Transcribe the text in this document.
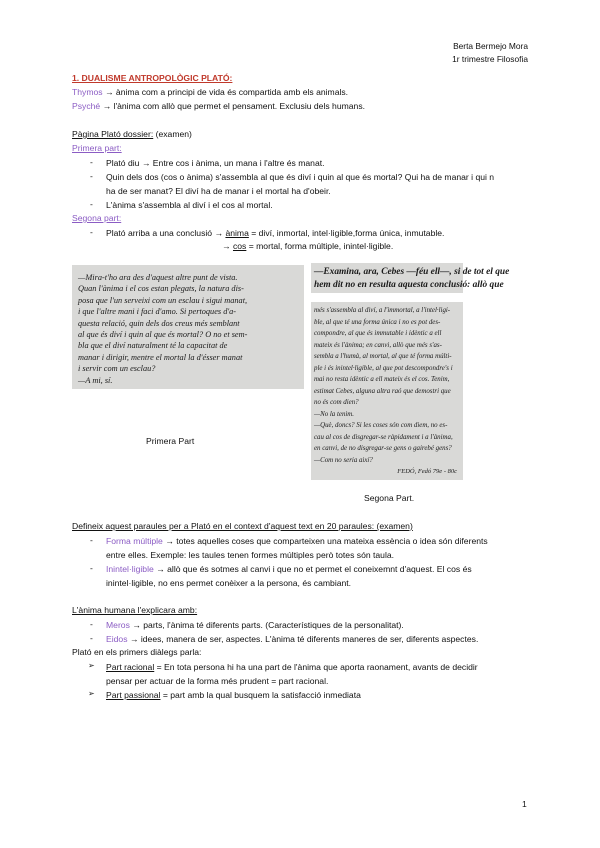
Berta Bermejo Mora
1r trimestre Filosofia
1. DUALISME ANTROPOLÒGIC PLATÓ:
Thymos → ànima com a principi de vida és compartida amb els animals.
Psyché → l'ànima com allò que permet el pensament. Exclusiu dels humans.
Pàgina Plató dossier: (examen)
Primera part:
- Plató diu → Entre cos i ànima, un mana i l'altre és manat.
- Quin dels dos (cos o ànima) s'assembla al que és diví i quin al que és mortal? Qui ha de manar i qui n
ha de ser manat? El diví ha de manar i el mortal ha d'obeir.
- L'ànima s'assembla al diví i el cos al mortal.
Segona part:
- Plató arriba a una conclusió → ànima = diví, inmortal, intel·ligible,forma única, inmutable.
→ cos = mortal, forma múltiple, inintel·ligible.

—Mira-t'ho ara des d'aquest altre punt de vista.

Quan l'ànima i el cos estan plegats, la natura dis-

posa que l'un serveixi com un esclau i sigui manat,

i que l'altre mani i faci d'amo. Si pertoques d'a-

questa relació, quin dels dos creus més semblant

al que és diví i quin al que és mortal? O no et sem-

bla que el diví naturalment té la capacitat de

manar i dirigir, mentre el mortal la d'ésser manat

i servir com un esclau?

—A mi, sí.

Primera Part

—Examina, ara, Cebes —féu ell—, si de tot el que

hem dit no en resulta aquesta conclusió: allò que

més s'assembla al diví, a l'immortal, a l'intel·ligi-

ble, al que té una forma única i no es pot des-

compondre, al que és immutable i idèntic a ell

mateix és l'ànima; en canvi, allò que més s'as-

sembla a l'humà, al mortal, al que té forma múlti-

ple i és inintel·ligible, al que pot descompondre's i

mai no resta idèntic a ell mateix és el cos. Tenim,

estimat Cebes, alguna altra raó que demostri que

no és com dien?

—No la tenim.

—Què, doncs? Si les coses són com diem, no es-

cau al cos de disgregar-se ràpidament i a l'ànima,

en canvi, de no disgregar-se gens o gairebé gens?

—Com no seria així?

FEDÓ, Fedó 79e - 80c
Segona Part.
Defineix aquest paraules per a Plató en el context d'aquest text en 20 paraules: (examen)
- Forma múltiple → totes aquelles coses que comparteixen una mateixa essència o idea són diferents
entre elles. Exemple: les taules tenen formes múltiples però totes són taula.
- Inintel·ligible → allò que és sotmes al canvi i que no et permet el coneixemnt d'aquest. El cos és
inintel·ligible, no ens permet conèixer a la persona, és cambiant.
L'ànima humana l'explicara amb:
- Meros → parts, l'ànima té diferents parts. (Característiques de la personalitat).
- Eidos → idees, manera de ser, aspectes. L'ànima té diferents maneres de ser, diferents aspectes.
Plató en els primers diàlegs parla:
➢ Part racional = En tota persona hi ha una part de l'ànima que aporta raonament, avants de decidir
pensar per actuar de la forma més prudent = part racional.
➢ Part passional = part amb la qual busquem la satisfacció inmediata
1
